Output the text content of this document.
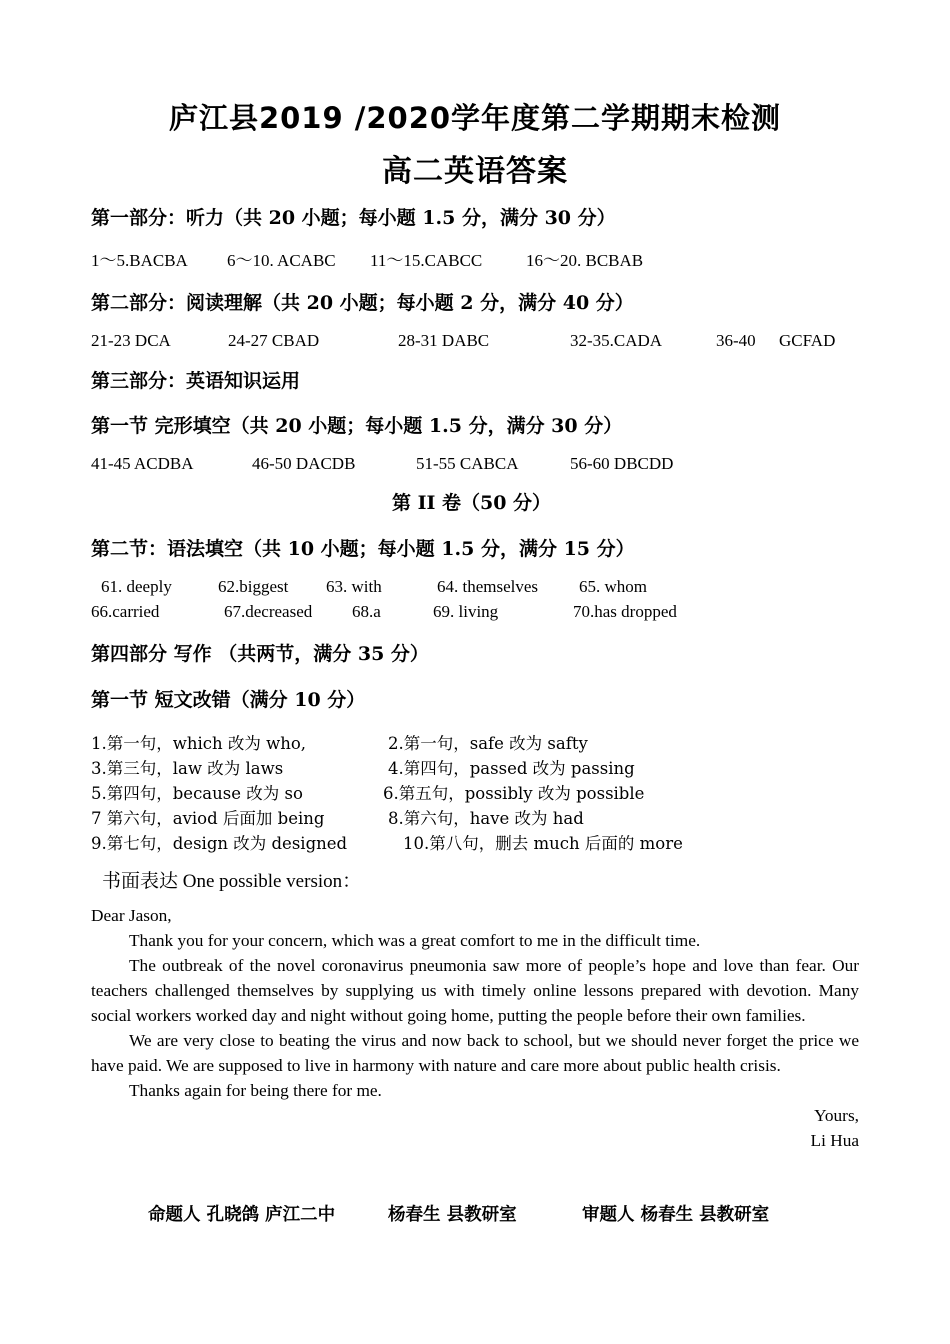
庐江县2019 /2020学年度第二学期期末检测
高二英语答案
第一部分：听力（共 20 小题；每小题 1.5 分，满分 30 分）
1～5.BACBA 6～10. ACABC 11～15.CABCC	16～20. BCBAB
第二部分：阅读理解（共 20 小题；每小题 2 分，满分 40 分）
21-23 DCA	24-27 CBAD	28-31 DABC	32-35.CADA	36-40 GCFAD
第三部分：英语知识运用
第一节 完形填空（共 20 小题；每小题 1.5 分，满分 30 分）
41-45 ACDBA	46-50 DACDB	51-55 CABCA	56-60 DBCDD
第 II 卷（50 分）
第二节：语法填空（共 10 小题；每小题 1.5 分，满分 15 分）
61. deeply	62.biggest 63. with	64. themselves 65. whom
66.carried	67.decreased 68.a	69. living	70.has dropped
第四部分 写作 （共两节，满分 35 分）
第一节 短文改错（满分 10 分）
1.第一句，which 改为 who,	2.第一句，safe 改为 safty
3.第三句，law 改为 laws	4.第四句，passed 改为 passing
5.第四句，because 改为 so	6.第五句，possibly 改为 possible
7 第六句，aviod 后面加 being	8.第六句，have 改为 had
9.第七句，design 改为 designed	10.第八句，删去 much 后面的 more
书面表达 One possible version：

Dear Jason,

Thank you for your concern, which was a great comfort to me in the difficult time.

The outbreak of the novel coronavirus pneumonia saw more of people’s hope and love than fear. Our teachers challenged themselves by supplying us with timely online lessons prepared with devotion. Many social workers worked day and night without going home, putting the people before their own families.

We are very close to beating the virus and now back to school, but we should never forget the price we have paid. We are supposed to live in harmony with nature and care more about public health crisis.

Thanks again for being there for me.

Yours,

Li Hua

命题人 孔晓鸽 庐江二中	杨春生 县教研室	审题人 杨春生 县教研室
